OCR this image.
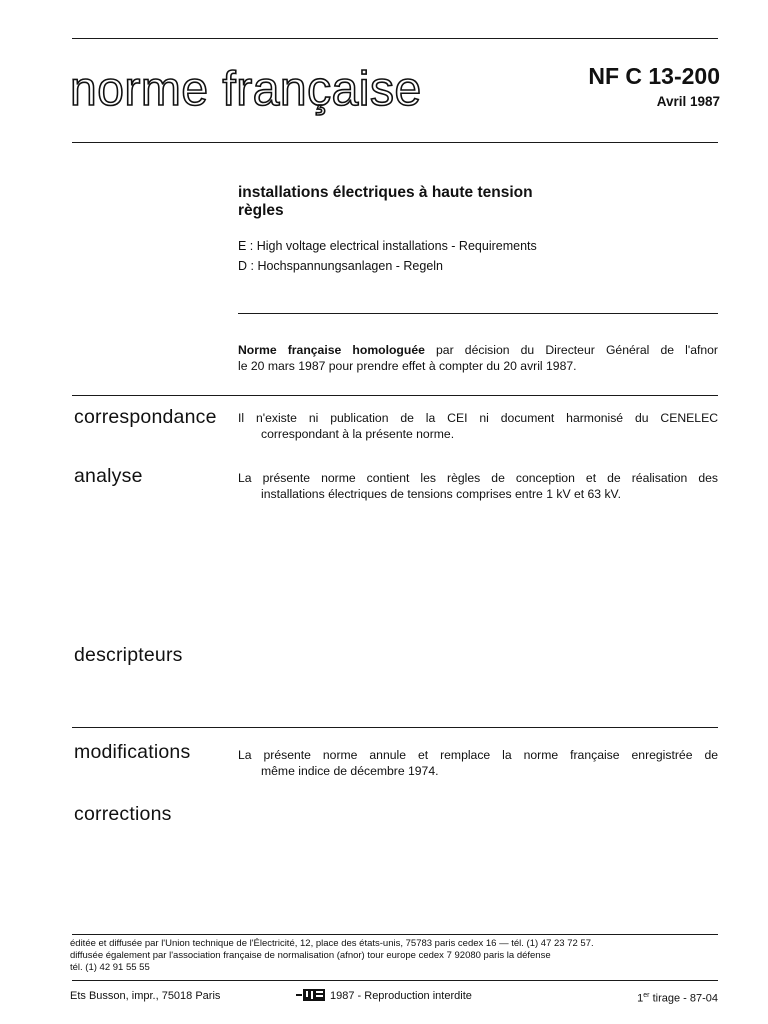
norme française	NF C 13-200
Avril 1987
installations électriques à haute tension
règles
E : High voltage electrical installations - Requirements
D : Hochspannungsanlagen - Regeln
Norme française homologuée par décision du Directeur Général de l'afnor
le 20 mars 1987 pour prendre effet à compter du 20 avril 1987.
correspondance Il n'existe ni publication de la CEI ni document harmonisé du CENELEC
correspondant à la présente norme.
analyse	La présente norme contient les règles de conception et de réalisation des
installations électriques de tensions comprises entre 1 kV et 63 kV.
descripteurs
modifications	La présente norme annule et remplace la norme française enregistrée de
même indice de décembre 1974.
corrections
éditée et diffusée par l'Union technique de l'Électricité, 12, place des états-unis, 75783 paris cedex 16 — tél. (1) 47 23 72 57.
diffusée également par l'association française de normalisation (afnor) tour europe cedex 7 92080 paris la défense
tél. (1) 42 91 55 55
Ets Busson, impr., 75018 Paris	1987 - Reproduction interdite	1er tirage - 87-04
